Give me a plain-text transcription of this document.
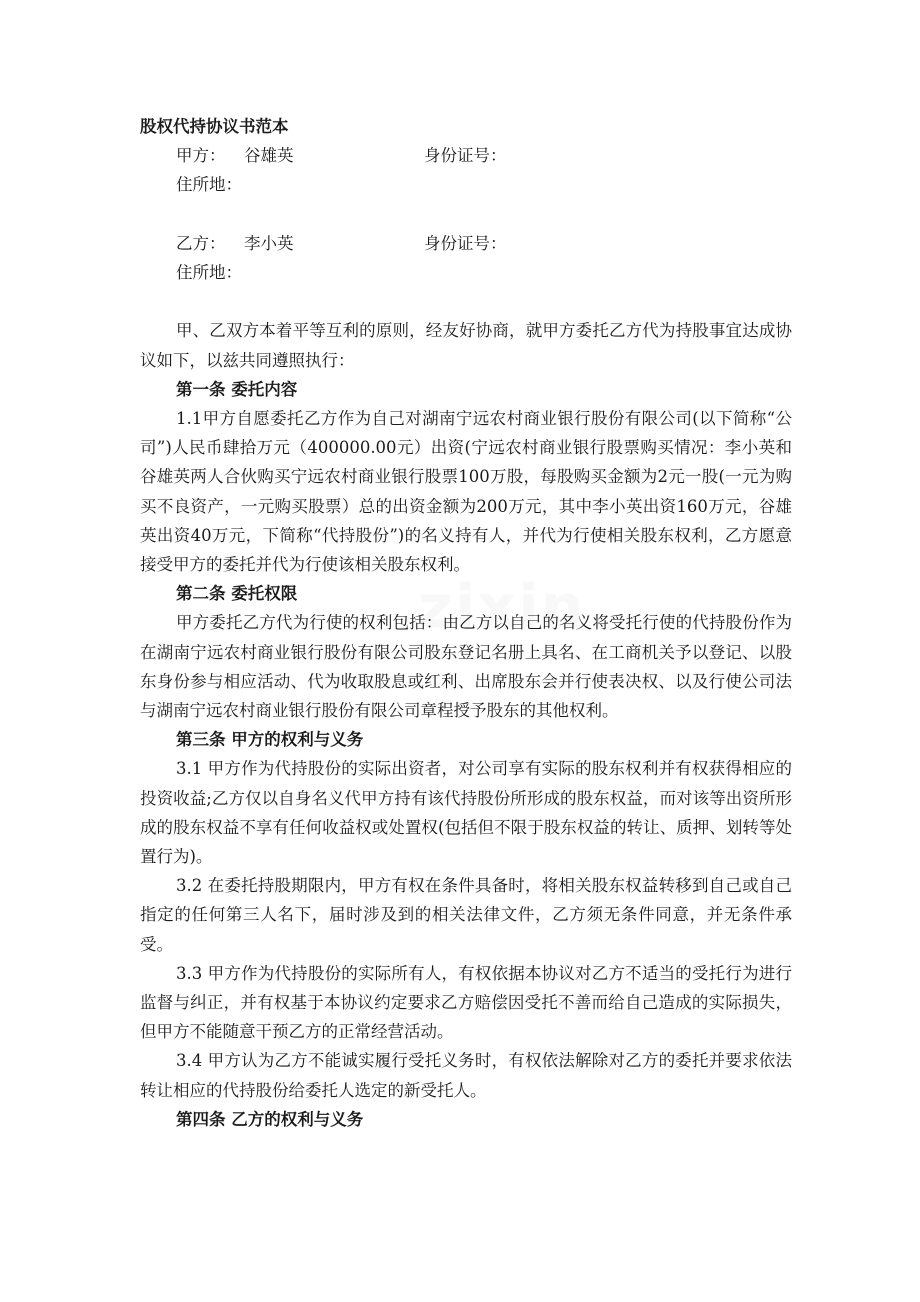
zixin
股权代持协议书范本
甲方：	谷雄英	身份证号：
住所地：
乙方：	李小英	身份证号：
住所地：

甲、乙双方本着平等互利的原则，经友好协商，就甲方委托乙方代为持股事宜达成协议如下，以兹共同遵照执行：

第一条 委托内容

1.1甲方自愿委托乙方作为自己对湖南宁远农村商业银行股份有限公司(以下简称“公司”)人民币肆拾万元（400000.00元）出资(宁远农村商业银行股票购买情况：李小英和谷雄英两人合伙购买宁远农村商业银行股票100万股，每股购买金额为2元一股(一元为购买不良资产，一元购买股票）总的出资金额为200万元，其中李小英出资160万元，谷雄英出资40万元，下简称“代持股份”)的名义持有人，并代为行使相关股东权利，乙方愿意接受甲方的委托并代为行使该相关股东权利。

第二条 委托权限

甲方委托乙方代为行使的权利包括：由乙方以自己的名义将受托行使的代持股份作为在湖南宁远农村商业银行股份有限公司股东登记名册上具名、在工商机关予以登记、以股东身份参与相应活动、代为收取股息或红利、出席股东会并行使表决权、以及行使公司法与湖南宁远农村商业银行股份有限公司章程授予股东的其他权利。

第三条 甲方的权利与义务

3.1 甲方作为代持股份的实际出资者，对公司享有实际的股东权利并有权获得相应的投资收益;乙方仅以自身名义代甲方持有该代持股份所形成的股东权益，而对该等出资所形成的股东权益不享有任何收益权或处置权(包括但不限于股东权益的转让、质押、划转等处置行为)。

3.2 在委托持股期限内，甲方有权在条件具备时，将相关股东权益转移到自己或自己指定的任何第三人名下，届时涉及到的相关法律文件，乙方须无条件同意，并无条件承受。

3.3 甲方作为代持股份的实际所有人，有权依据本协议对乙方不适当的受托行为进行监督与纠正，并有权基于本协议约定要求乙方赔偿因受托不善而给自己造成的实际损失，但甲方不能随意干预乙方的正常经营活动。

3.4 甲方认为乙方不能诚实履行受托义务时，有权依法解除对乙方的委托并要求依法转让相应的代持股份给委托人选定的新受托人。

第四条 乙方的权利与义务
